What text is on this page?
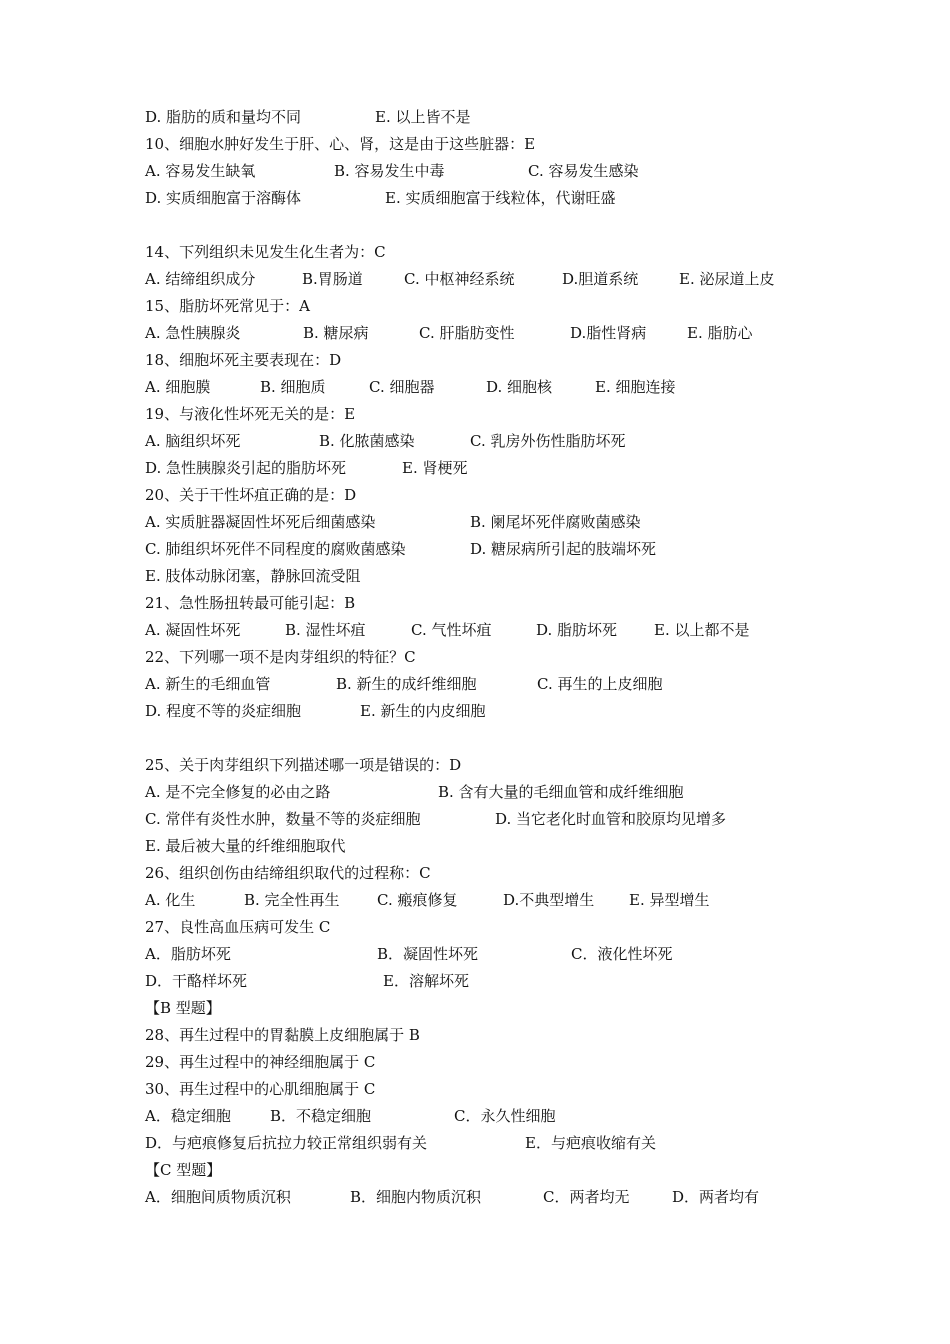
D. 脂肪的质和量均不同	E. 以上皆不是
10、细胞水肿好发生于肝、心、肾，这是由于这些脏器：E
A. 容易发生缺氧	B. 容易发生中毒	C. 容易发生感染
D. 实质细胞富于溶酶体	E. 实质细胞富于线粒体，代谢旺盛
14、下列组织未见发生化生者为：C
A. 结缔组织成分	B.胃肠道	C. 中枢神经系统	D.胆道系统	E. 泌尿道上皮
15、脂肪坏死常见于：A
A. 急性胰腺炎	B. 糖尿病	C. 肝脂肪变性	D.脂性肾病	E. 脂肪心
18、细胞坏死主要表现在：D
A. 细胞膜	B. 细胞质	C. 细胞器	D. 细胞核	E. 细胞连接
19、与液化性坏死无关的是：E
A. 脑组织坏死	B. 化脓菌感染	C. 乳房外伤性脂肪坏死
D. 急性胰腺炎引起的脂肪坏死	E. 肾梗死
20、关于干性坏疽正确的是：D
A. 实质脏器凝固性坏死后细菌感染	B. 阑尾坏死伴腐败菌感染
C. 肺组织坏死伴不同程度的腐败菌感染	D. 糖尿病所引起的肢端坏死
E. 肢体动脉闭塞，静脉回流受阻
21、急性肠扭转最可能引起：B
A. 凝固性坏死	B. 湿性坏疽	C. 气性坏疽	D. 脂肪坏死 E. 以上都不是
22、下列哪一项不是肉芽组织的特征？C
A. 新生的毛细血管	B. 新生的成纤维细胞	C. 再生的上皮细胞
D. 程度不等的炎症细胞	E. 新生的内皮细胞
25、关于肉芽组织下列描述哪一项是错误的：D
A. 是不完全修复的必由之路	B. 含有大量的毛细血管和成纤维细胞
C. 常伴有炎性水肿，数量不等的炎症细胞	D. 当它老化时血管和胶原均见增多
E. 最后被大量的纤维细胞取代
26、组织创伤由结缔组织取代的过程称：C
A. 化生	B. 完全性再生 C. 瘢痕修复	D.不典型增生 E. 异型增生
27、良性高血压病可发生 C
A．脂肪坏死	B．凝固性坏死	C．液化性坏死
D．干酪样坏死	E．溶解坏死
【B 型题】
28、再生过程中的胃黏膜上皮细胞属于 B
29、再生过程中的神经细胞属于 C
30、再生过程中的心肌细胞属于 C
A．稳定细胞	B．不稳定细胞	C．永久性细胞
D．与疤痕修复后抗拉力较正常组织弱有关	E．与疤痕收缩有关
【C 型题】
A．细胞间质物质沉积	B．细胞内物质沉积	C．两者均无	D．两者均有
